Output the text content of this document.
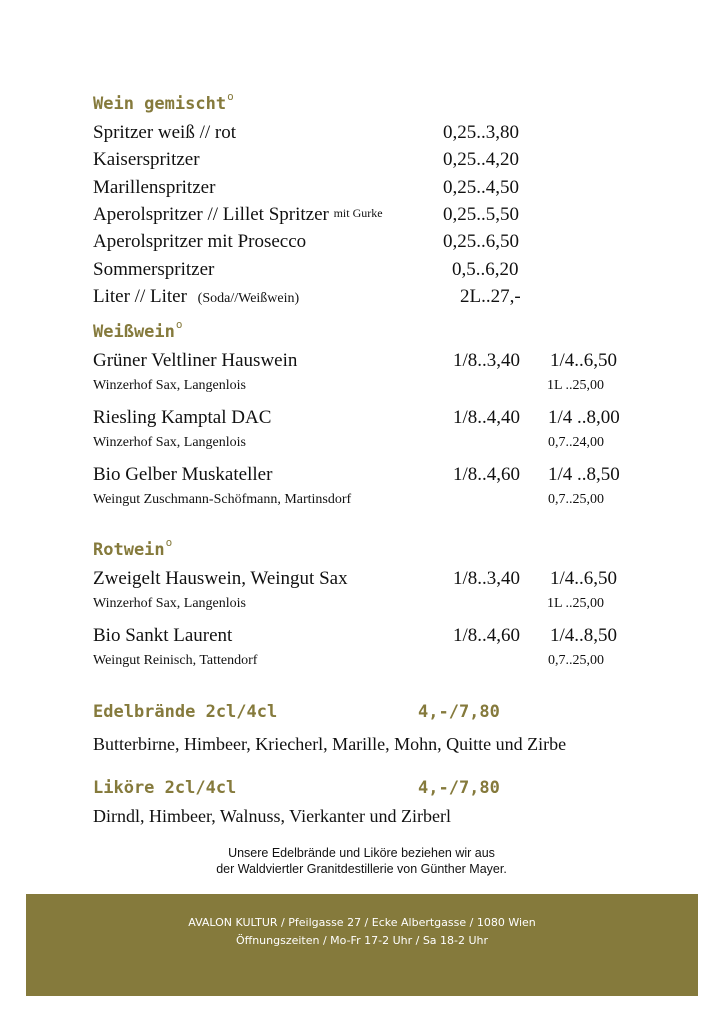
Wein gemischt$^o$
Spritzer weiß // rot	0,25..3,80
Kaiserspritzer	0,25..4,20
Marillenspritzer	0,25..4,50
Aperolspritzer // Lillet Spritzer mit Gurke	0,25..5,50
Aperolspritzer mit Prosecco	0,25..6,50
Sommerspritzer	0,5..6,20
Liter // Liter (Soda//Weißwein)	2L..27,-
Weißwein$^o$
Grüner Veltliner Hauswein	1/8..3,40 1/4..6,50
Winzerhof Sax, Langenlois	1L ..25,00
Riesling Kamptal DAC	1/8..4,40 1/4 ..8,00
Winzerhof Sax, Langenlois	0,7..24,00
Bio Gelber Muskateller	1/8..4,60 1/4 ..8,50
Weingut Zuschmann-Schöfmann, Martinsdorf	0,7..25,00
Rotwein$^o$
Zweigelt Hauswein, Weingut Sax	1/8..3,40 1/4..6,50
Winzerhof Sax, Langenlois	1L ..25,00
Bio Sankt Laurent	1/8..4,60 1/4..8,50
Weingut Reinisch, Tattendorf	0,7..25,00
Edelbrände 2cl/4cl	4,-/7,80
Butterbirne, Himbeer, Kriecherl, Marille, Mohn, Quitte und Zirbe
Liköre 2cl/4cl	4,-/7,80
Dirndl, Himbeer, Walnuss, Vierkanter und Zirberl
Unsere Edelbrände und Liköre beziehen wir aus
der Waldviertler Granitdestillerie von Günther Mayer.
AVALON KULTUR / Pfeilgasse 27 / Ecke Albertgasse / 1080 Wien
Öffnungszeiten / Mo-Fr 17-2 Uhr / Sa 18-2 Uhr
